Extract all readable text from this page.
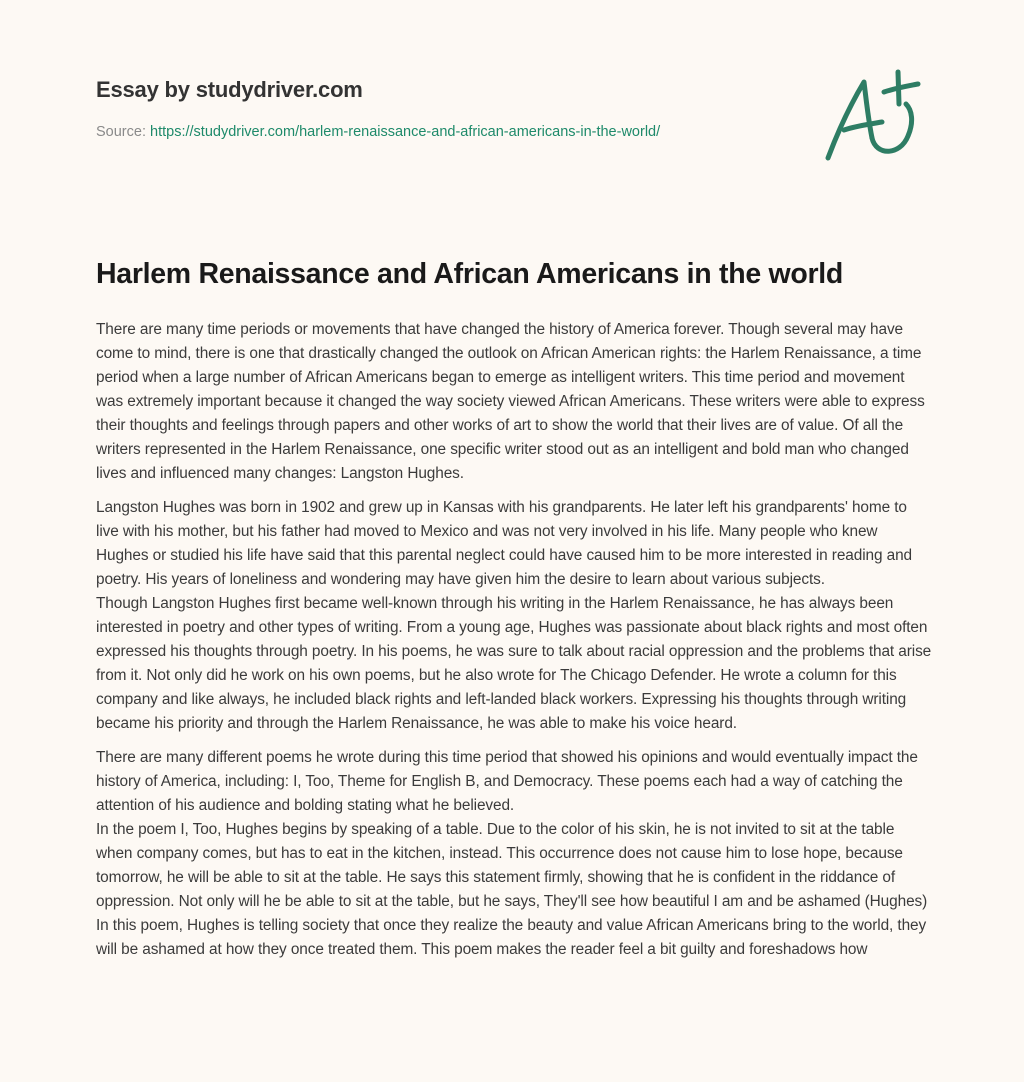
Essay by studydriver.com
Source: https://studydriver.com/harlem-renaissance-and-african-americans-in-the-world/
Harlem Renaissance and African Americans in the world

There are many time periods or movements that have changed the history of America forever. Though several may have come to mind, there is one that drastically changed the outlook on African American rights: the Harlem Renaissance, a time period when a large number of African Americans began to emerge as intelligent writers. This time period and movement was extremely important because it changed the way society viewed African Americans. These writers were able to express their thoughts and feelings through papers and other works of art to show the world that their lives are of value. Of all the writers represented in the Harlem Renaissance, one specific writer stood out as an intelligent and bold man who changed lives and influenced many changes: Langston Hughes.

Langston Hughes was born in 1902 and grew up in Kansas with his grandparents. He later left his grandparents' home to live with his mother, but his father had moved to Mexico and was not very involved in his life. Many people who knew Hughes or studied his life have said that this parental neglect could have caused him to be more interested in reading and poetry. His years of loneliness and wondering may have given him the desire to learn about various subjects.

Though Langston Hughes first became well-known through his writing in the Harlem Renaissance, he has always been interested in poetry and other types of writing. From a young age, Hughes was passionate about black rights and most often expressed his thoughts through poetry. In his poems, he was sure to talk about racial oppression and the problems that arise from it. Not only did he work on his own poems, but he also wrote for The Chicago Defender. He wrote a column for this company and like always, he included black rights and left-landed black workers. Expressing his thoughts through writing became his priority and through the Harlem Renaissance, he was able to make his voice heard.

There are many different poems he wrote during this time period that showed his opinions and would eventually impact the history of America, including: I, Too, Theme for English B, and Democracy. These poems each had a way of catching the attention of his audience and bolding stating what he believed.

In the poem I, Too, Hughes begins by speaking of a table. Due to the color of his skin, he is not invited to sit at the table when company comes, but has to eat in the kitchen, instead. This occurrence does not cause him to lose hope, because tomorrow, he will be able to sit at the table. He says this statement firmly, showing that he is confident in the riddance of oppression. Not only will he be able to sit at the table, but he says, They'll see how beautiful I am and be ashamed (Hughes) In this poem, Hughes is telling society that once they realize the beauty and value African Americans bring to the world, they will be ashamed at how they once treated them. This poem makes the reader feel a bit guilty and foreshadows how
